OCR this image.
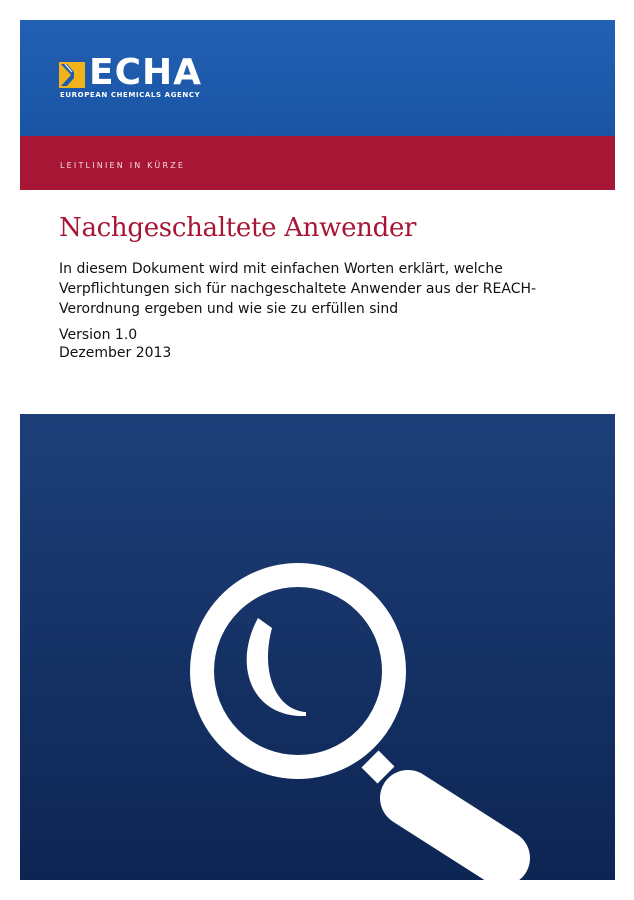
ECHA
EUROPEAN CHEMICALS AGENCY
LEITLINIEN IN KÜRZE
Nachgeschaltete Anwender

In diesem Dokument wird mit einfachen Worten erklärt, welche Verpflichtungen sich für nachgeschaltete Anwender aus der REACH-Verordnung ergeben und wie sie zu erfüllen sind

Version 1.0
Dezember 2013
